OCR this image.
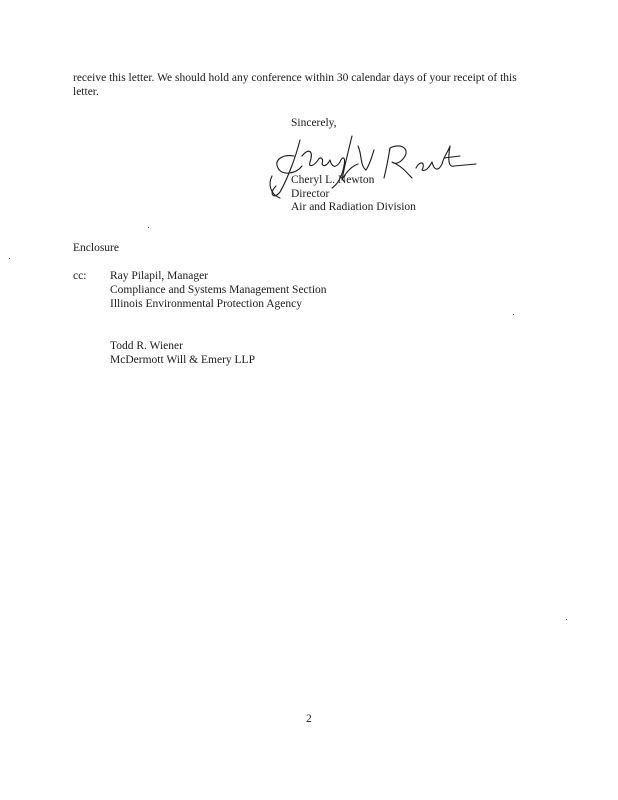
receive this letter. We should hold any conference within 30 calendar days of your receipt of this
letter.
Sincerely,
Cheryl L. Newton
Director
Air and Radiation Division
Enclosure
cc: Ray Pilapil, Manager
Compliance and Systems Management Section
Illinois Environmental Protection Agency
Todd R. Wiener
McDermott Will & Emery LLP
2
